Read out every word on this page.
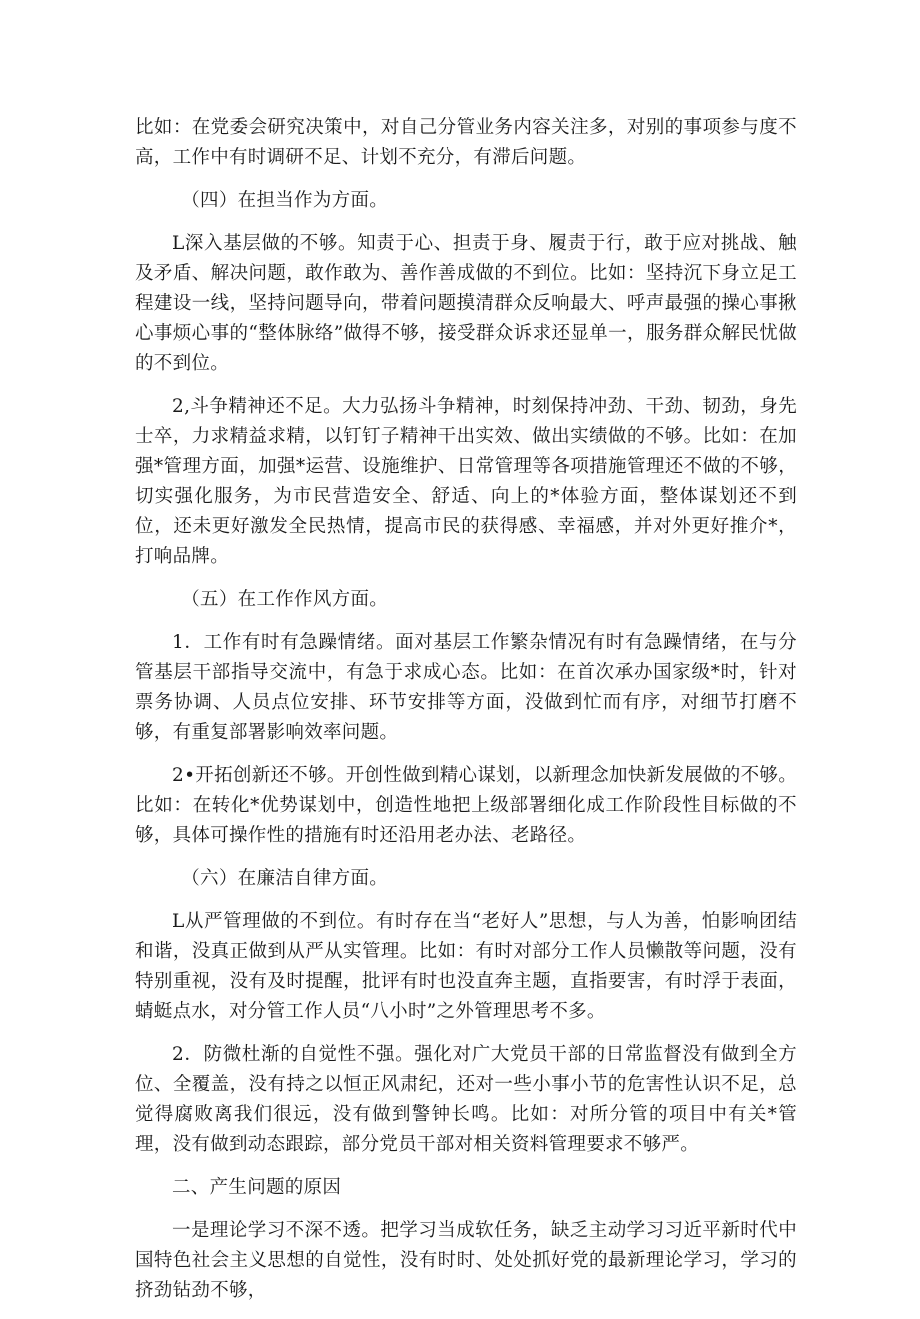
比如：在党委会研究决策中，对自己分管业务内容关注多，对别的事项参与度不高，工作中有时调研不足、计划不充分，有滞后问题。

（四）在担当作为方面。

L深入基层做的不够。知责于心、担责于身、履责于行，敢于应对挑战、触及矛盾、解决问题，敢作敢为、善作善成做的不到位。比如：坚持沉下身立足工程建设一线，坚持问题导向，带着问题摸清群众反响最大、呼声最强的操心事揪心事烦心事的“整体脉络”做得不够，接受群众诉求还显单一，服务群众解民忧做的不到位。

2,斗争精神还不足。大力弘扬斗争精神，时刻保持冲劲、干劲、韧劲，身先士卒，力求精益求精，以钉钉子精神干出实效、做出实绩做的不够。比如：在加强*管理方面，加强*运营、设施维护、日常管理等各项措施管理还不做的不够，切实强化服务，为市民营造安全、舒适、向上的*体验方面，整体谋划还不到位，还未更好激发全民热情，提高市民的获得感、幸福感，并对外更好推介*，打响品牌。

（五）在工作作风方面。

1．工作有时有急躁情绪。面对基层工作繁杂情况有时有急躁情绪，在与分管基层干部指导交流中，有急于求成心态。比如：在首次承办国家级*时，针对票务协调、人员点位安排、环节安排等方面，没做到忙而有序，对细节打磨不够，有重复部署影响效率问题。

2•开拓创新还不够。开创性做到精心谋划，以新理念加快新发展做的不够。比如：在转化*优势谋划中，创造性地把上级部署细化成工作阶段性目标做的不够，具体可操作性的措施有时还沿用老办法、老路径。

（六）在廉洁自律方面。

L从严管理做的不到位。有时存在当“老好人”思想，与人为善，怕影响团结和谐，没真正做到从严从实管理。比如：有时对部分工作人员懒散等问题，没有特别重视，没有及时提醒，批评有时也没直奔主题，直指要害，有时浮于表面，蜻蜓点水，对分管工作人员“八小时”之外管理思考不多。

2．防微杜渐的自觉性不强。强化对广大党员干部的日常监督没有做到全方位、全覆盖，没有持之以恒正风肃纪，还对一些小事小节的危害性认识不足，总觉得腐败离我们很远，没有做到警钟长鸣。比如：对所分管的项目中有关*管理，没有做到动态跟踪，部分党员干部对相关资料管理要求不够严。

二、产生问题的原因

一是理论学习不深不透。把学习当成软任务，缺乏主动学习习近平新时代中国特色社会主义思想的自觉性，没有时时、处处抓好党的最新理论学习，学习的挤劲钻劲不够，
